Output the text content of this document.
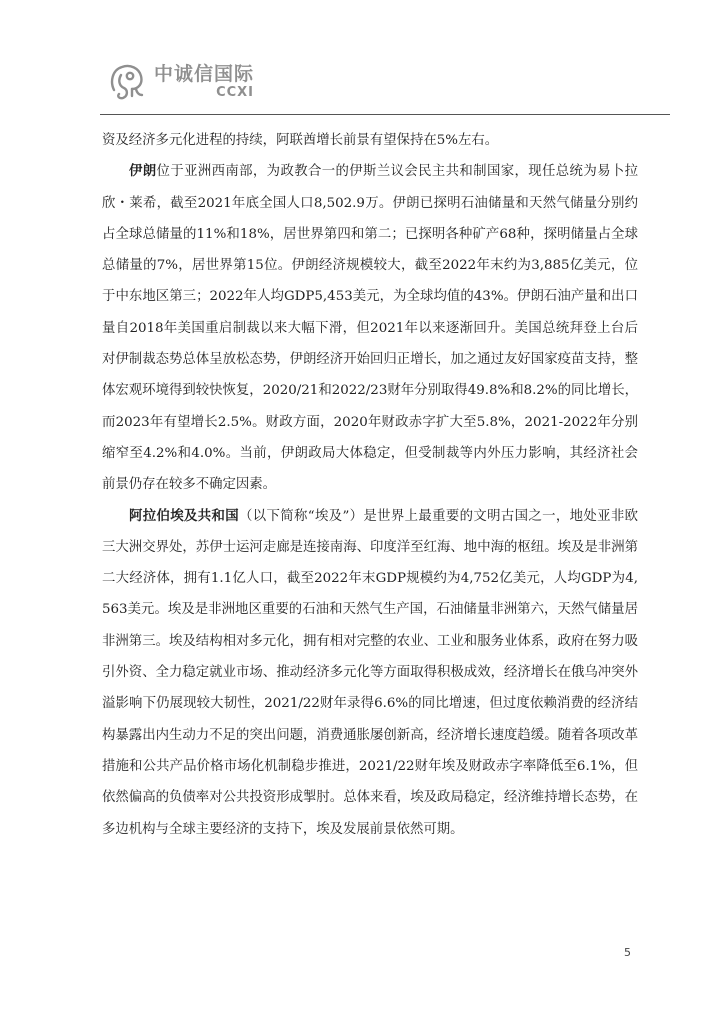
中诚信国际
CCXI

资及经济多元化进程的持续，阿联酋增长前景有望保持在5%左右。

伊朗位于亚洲西南部，为政教合一的伊斯兰议会民主共和制国家，现任总统为易卜拉欣・莱希，截至2021年底全国人口8,502.9万。伊朗已探明石油储量和天然气储量分别约占全球总储量的11%和18%，居世界第四和第二；已探明各种矿产68种，探明储量占全球总储量的7%，居世界第15位。伊朗经济规模较大，截至2022年末约为3,885亿美元，位于中东地区第三；2022年人均GDP5,453美元，为全球均值的43%。伊朗石油产量和出口量自2018年美国重启制裁以来大幅下滑，但2021年以来逐渐回升。美国总统拜登上台后对伊制裁态势总体呈放松态势，伊朗经济开始回归正增长，加之通过友好国家疫苗支持，整体宏观环境得到较快恢复，2020/21和2022/23财年分别取得49.8%和8.2%的同比增长，而2023年有望增长2.5%。财政方面，2020年财政赤字扩大至5.8%，2021-2022年分别缩窄至4.2%和4.0%。当前，伊朗政局大体稳定，但受制裁等内外压力影响，其经济社会前景仍存在较多不确定因素。

阿拉伯埃及共和国（以下简称“埃及”）是世界上最重要的文明古国之一，地处亚非欧三大洲交界处，苏伊士运河走廊是连接南海、印度洋至红海、地中海的枢纽。埃及是非洲第二大经济体，拥有1.1亿人口，截至2022年末GDP规模约为4,752亿美元，人均GDP为4,563美元。埃及是非洲地区重要的石油和天然气生产国，石油储量非洲第六，天然气储量居非洲第三。埃及结构相对多元化，拥有相对完整的农业、工业和服务业体系，政府在努力吸引外资、全力稳定就业市场、推动经济多元化等方面取得积极成效，经济增长在俄乌冲突外溢影响下仍展现较大韧性，2021/22财年录得6.6%的同比增速，但过度依赖消费的经济结构暴露出内生动力不足的突出问题，消费通胀屡创新高，经济增长速度趋缓。随着各项改革措施和公共产品价格市场化机制稳步推进，2021/22财年埃及财政赤字率降低至6.1%，但依然偏高的负债率对公共投资形成掣肘。总体来看，埃及政局稳定，经济维持增长态势，在多边机构与全球主要经济的支持下，埃及发展前景依然可期。

5
